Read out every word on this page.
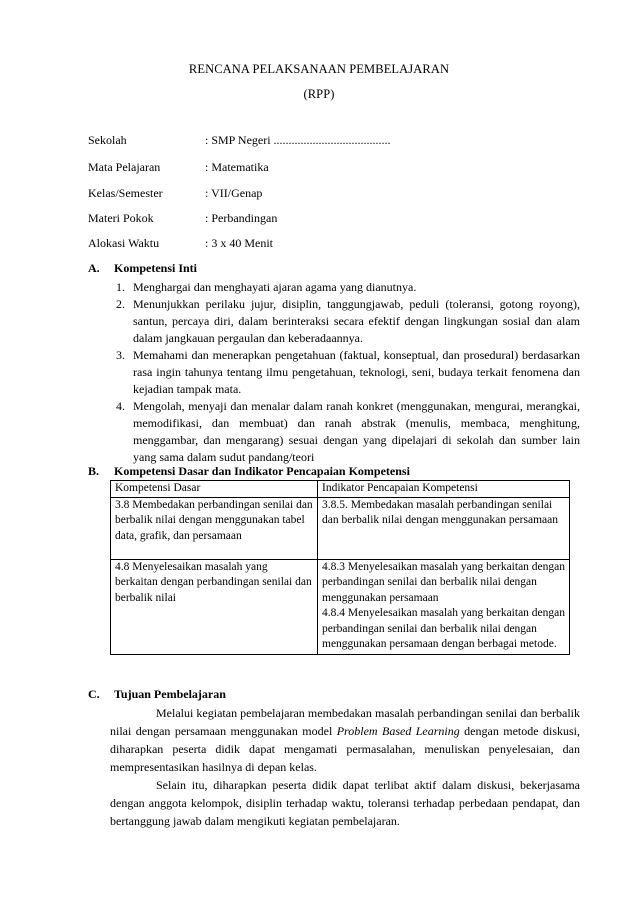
RENCANA PELAKSANAAN PEMBELAJARAN
(RPP)
Sekolah	: SMP Negeri .......................................
Mata Pelajaran	: Matematika
Kelas/Semester	: VII/Genap
Materi Pokok	: Perbandingan
Alokasi Waktu	: 3 x 40 Menit
A. Kompetensi Inti
1. Menghargai dan menghayati ajaran agama yang dianutnya.
2. Menunjukkan perilaku jujur, disiplin, tanggungjawab, peduli (toleransi, gotong royong), santun, percaya diri, dalam berinteraksi secara efektif dengan lingkungan sosial dan alam dalam jangkauan pergaulan dan keberadaannya.
3. Memahami dan menerapkan pengetahuan (faktual, konseptual, dan prosedural) berdasarkan rasa ingin tahunya tentang ilmu pengetahuan, teknologi, seni, budaya terkait fenomena dan kejadian tampak mata.
4. Mengolah, menyaji dan menalar dalam ranah konkret (menggunakan, mengurai, merangkai, memodifikasi, dan membuat) dan ranah abstrak (menulis, membaca, menghitung, menggambar, dan mengarang) sesuai dengan yang dipelajari di sekolah dan sumber lain yang sama dalam sudut pandang/teori
B. Kompetensi Dasar dan Indikator Pencapaian Kompetensi
Kompetensi Dasar	Indikator Pencapaian Kompetensi
3.8 Membedakan perbandingan senilai dan berbalik nilai dengan menggunakan tabel data, grafik, dan persamaan	3.8.5. Membedakan masalah perbandingan senilai dan berbalik nilai dengan menggunakan persamaan

4.8 Menyelesaikan masalah yang berkaitan dengan perbandingan senilai dan berbalik nilai	4.8.3 Menyelesaikan masalah yang berkaitan dengan perbandingan senilai dan berbalik nilai dengan menggunakan persamaan
4.8.4 Menyelesaikan masalah yang berkaitan dengan perbandingan senilai dan berbalik nilai dengan menggunakan persamaan dengan berbagai metode.
C. Tujuan Pembelajaran
Melalui kegiatan pembelajaran membedakan masalah perbandingan senilai dan berbalik nilai dengan persamaan menggunakan model Problem Based Learning dengan metode diskusi, diharapkan peserta didik dapat mengamati permasalahan, menuliskan penyelesaian, dan mempresentasikan hasilnya di depan kelas.
Selain itu, diharapkan peserta didik dapat terlibat aktif dalam diskusi, bekerjasama dengan anggota kelompok, disiplin terhadap waktu, toleransi terhadap perbedaan pendapat, dan bertanggung jawab dalam mengikuti kegiatan pembelajaran.
